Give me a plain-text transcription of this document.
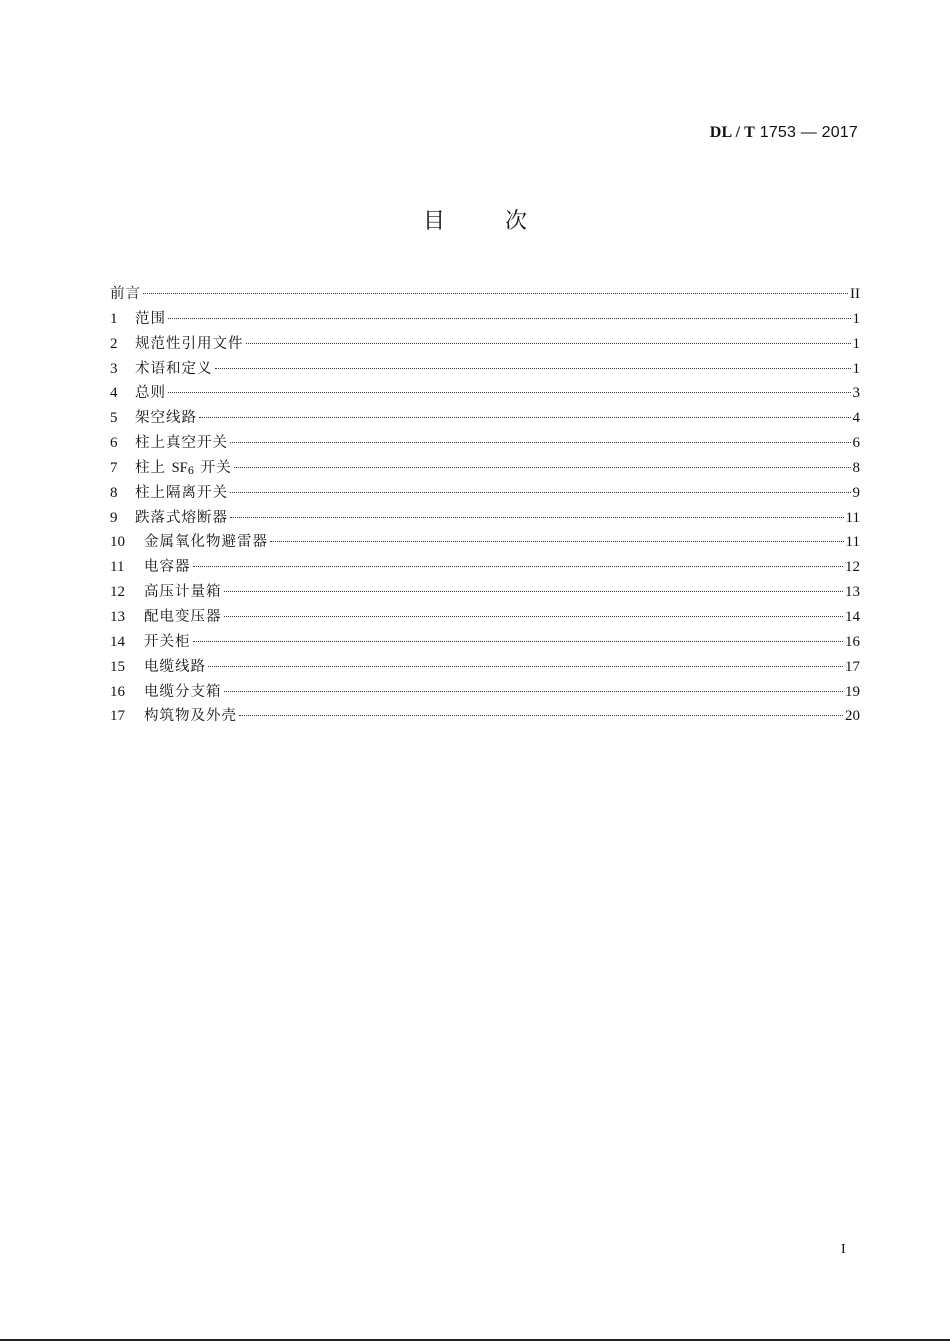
DL / T 1753 — 2017
目次
前言	II
1	范围	1
2	规范性引用文件	1
3	术语和定义	1
4	总则	3
5	架空线路	4
6	柱上真空开关	6
7	柱上 $SF_6$ 开关	8
8	柱上隔离开关	9
9	跌落式熔断器	11
10	金属氧化物避雷器	11
11	电容器	12
12	高压计量箱	13
13	配电变压器	14
14	开关柜	16
15	电缆线路	17
16	电缆分支箱	19
17	构筑物及外壳	20
I
